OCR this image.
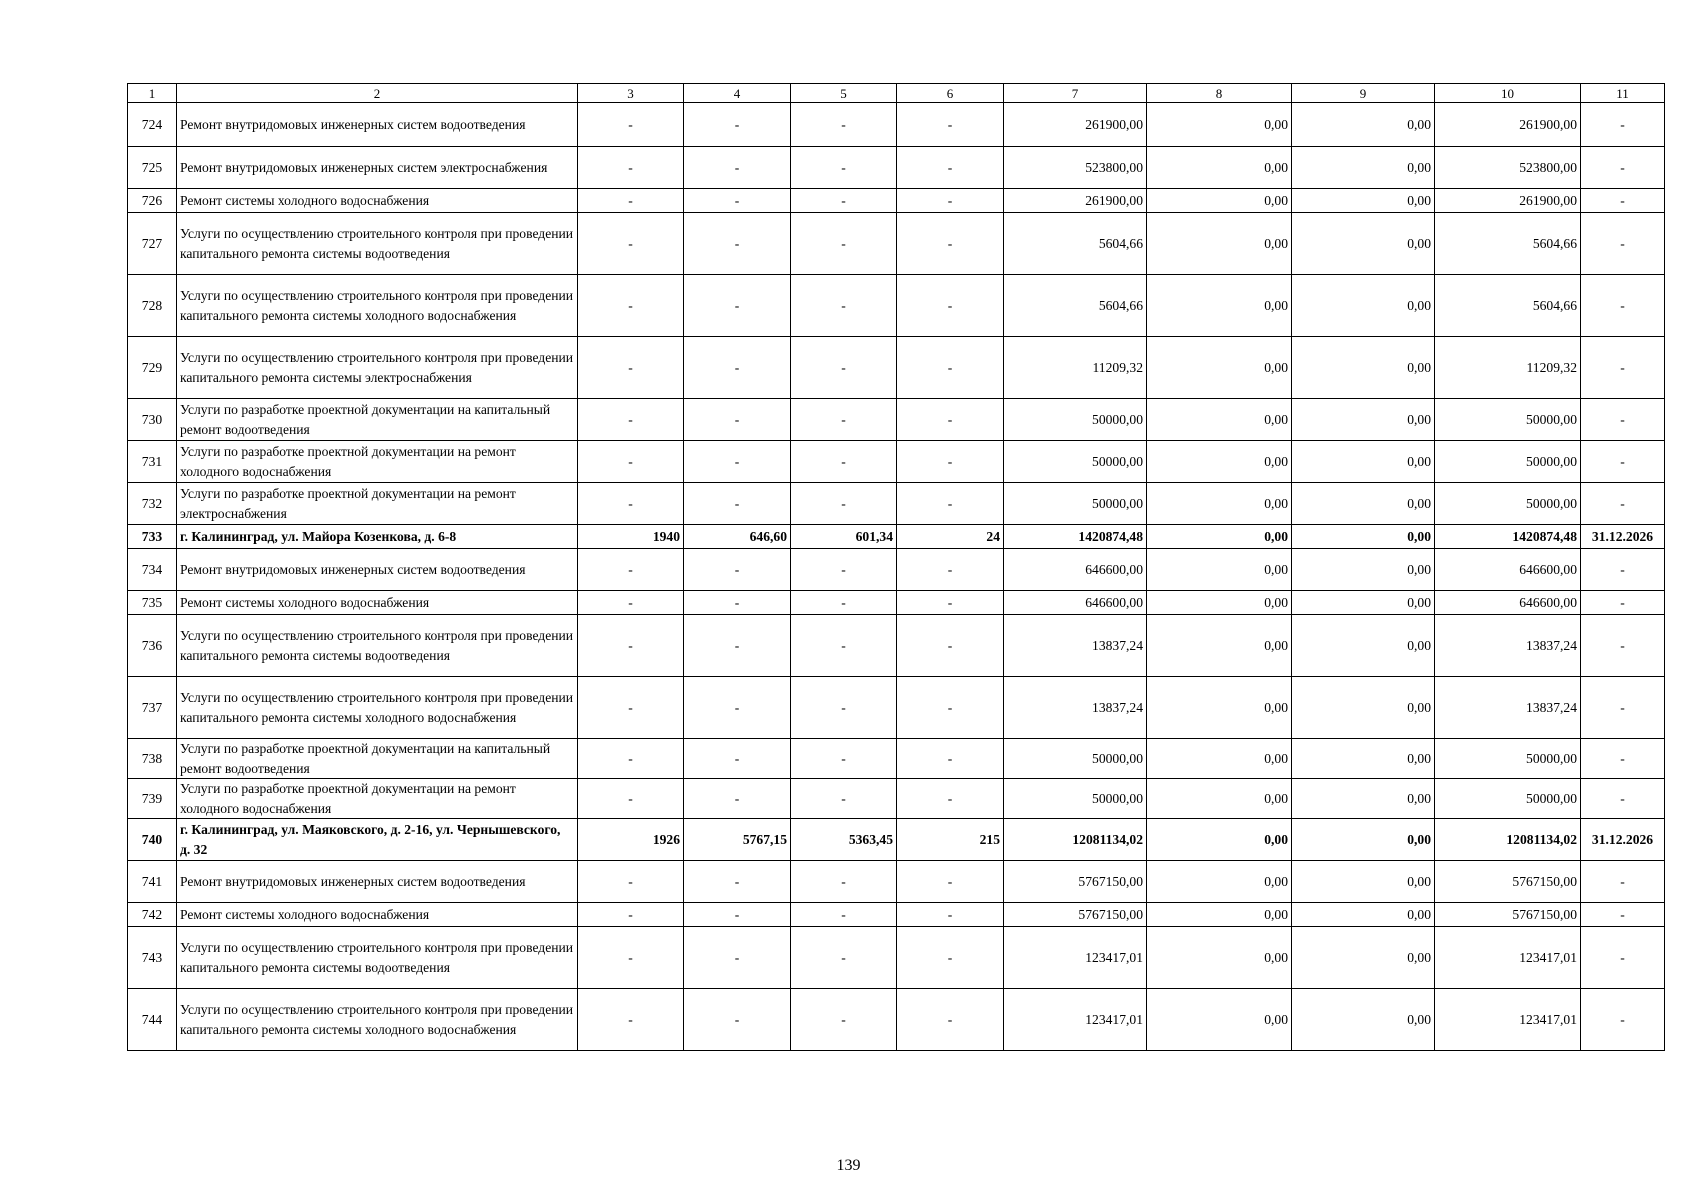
1	2	3	4	5	6	7	8	9	10	11
724	Ремонт внутридомовых инженерных систем водоотведения	-	-	-	-	261900,00	0,00	0,00	261900,00	-
725	Ремонт внутридомовых инженерных систем электроснабжения	-	-	-	-	523800,00	0,00	0,00	523800,00	-
726	Ремонт системы холодного водоснабжения	-	-	-	-	261900,00	0,00	0,00	261900,00	-
727	Услуги по осуществлению строительного контроля при проведении капитального ремонта системы водоотведения	-	-	-	-	5604,66	0,00	0,00	5604,66	-
728	Услуги по осуществлению строительного контроля при проведении капитального ремонта системы холодного водоснабжения	-	-	-	-	5604,66	0,00	0,00	5604,66	-
729	Услуги по осуществлению строительного контроля при проведении капитального ремонта системы электроснабжения	-	-	-	-	11209,32	0,00	0,00	11209,32	-
730	Услуги по разработке проектной документации на капитальный ремонт водоотведения	-	-	-	-	50000,00	0,00	0,00	50000,00	-
731	Услуги по разработке проектной документации на ремонт холодного водоснабжения	-	-	-	-	50000,00	0,00	0,00	50000,00	-
732	Услуги по разработке проектной документации на ремонт электроснабжения	-	-	-	-	50000,00	0,00	0,00	50000,00	-
733	г. Калининград, ул. Майора Козенкова, д. 6-8	1940	646,60	601,34	24	1420874,48	0,00	0,00	1420874,48	31.12.2026
734	Ремонт внутридомовых инженерных систем водоотведения	-	-	-	-	646600,00	0,00	0,00	646600,00	-
735	Ремонт системы холодного водоснабжения	-	-	-	-	646600,00	0,00	0,00	646600,00	-
736	Услуги по осуществлению строительного контроля при проведении капитального ремонта системы водоотведения	-	-	-	-	13837,24	0,00	0,00	13837,24	-
737	Услуги по осуществлению строительного контроля при проведении капитального ремонта системы холодного водоснабжения	-	-	-	-	13837,24	0,00	0,00	13837,24	-
738	Услуги по разработке проектной документации на капитальный ремонт водоотведения	-	-	-	-	50000,00	0,00	0,00	50000,00	-
739	Услуги по разработке проектной документации на ремонт холодного водоснабжения	-	-	-	-	50000,00	0,00	0,00	50000,00	-
740	г. Калининград, ул. Маяковского, д. 2-16, ул. Чернышевского, д. 32	1926	5767,15	5363,45	215	12081134,02	0,00	0,00	12081134,02	31.12.2026
741	Ремонт внутридомовых инженерных систем водоотведения	-	-	-	-	5767150,00	0,00	0,00	5767150,00	-
742	Ремонт системы холодного водоснабжения	-	-	-	-	5767150,00	0,00	0,00	5767150,00	-
743	Услуги по осуществлению строительного контроля при проведении капитального ремонта системы водоотведения	-	-	-	-	123417,01	0,00	0,00	123417,01	-
744	Услуги по осуществлению строительного контроля при проведении капитального ремонта системы холодного водоснабжения	-	-	-	-	123417,01	0,00	0,00	123417,01	-
139
